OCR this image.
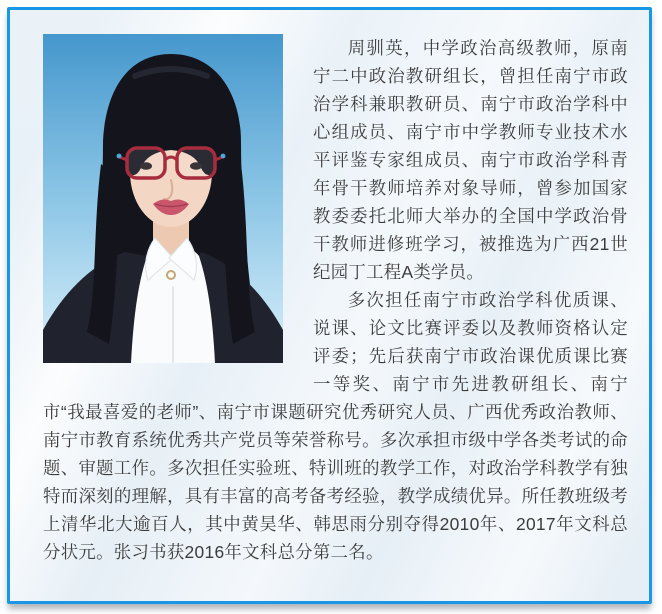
周驯英，中学政治高级教师，原南宁二中政治教研组长，曾担任南宁市政治学科兼职教研员、南宁市政治学科中心组成员、南宁市中学教师专业技术水平评鉴专家组成员、南宁市政治学科青年骨干教师培养对象导师，曾参加国家教委委托北师大举办的全国中学政治骨干教师进修班学习，被推选为广西21世纪园丁工程A类学员。

多次担任南宁市政治学科优质课、说课、论文比赛评委以及教师资格认定评委；先后获南宁市政治课优质课比赛一等奖、南宁市先进教研组长、南宁市“我最喜爱的老师”、南宁市课题研究优秀研究人员、广西优秀政治教师、南宁市教育系统优秀共产党员等荣誉称号。多次承担市级中学各类考试的命题、审题工作。多次担任实验班、特训班的教学工作，对政治学科教学有独特而深刻的理解，具有丰富的高考备考经验，教学成绩优异。所任教班级考上清华北大逾百人，其中黄昊华、韩思雨分别夺得2010年、2017年文科总分状元。张习书获2016年文科总分第二名。
